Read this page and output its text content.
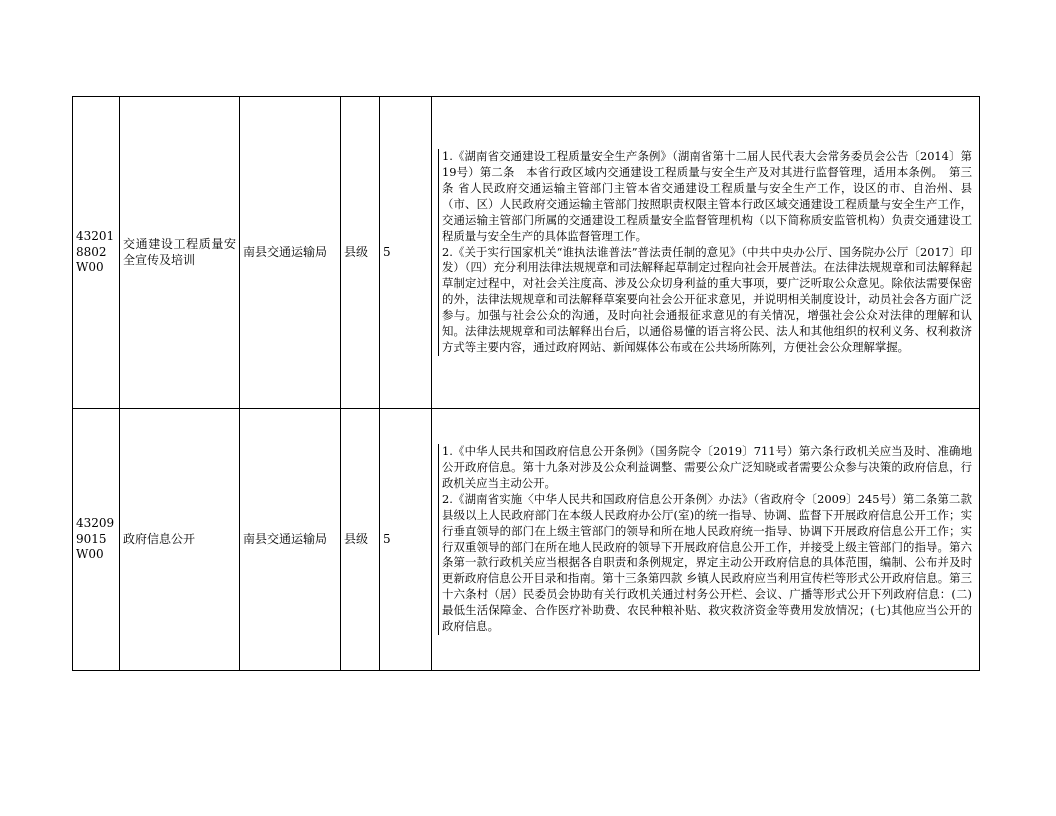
432018802W00	交通建设工程质量安全宣传及培训	南县交通运输局	县级	5	1.《湖南省交通建设工程质量安全生产条例》（湖南省第十二届人民代表大会常务委员会公告〔2014〕第19号）第二条　本省行政区域内交通建设工程质量与安全生产及对其进行监督管理，适用本条例。　第三条 省人民政府交通运输主管部门主管本省交通建设工程质量与安全生产工作，设区的市、自治州、县（市、区）人民政府交通运输主管部门按照职责权限主管本行政区域交通建设工程质量与安全生产工作，交通运输主管部门所属的交通建设工程质量安全监督管理机构（以下简称质安监管机构）负责交通建设工程质量与安全生产的具体监督管理工作。

2.《关于实行国家机关“谁执法谁普法”普法责任制的意见》（中共中央办公厅、国务院办公厅〔2017〕印发）（四）充分利用法律法规规章和司法解释起草制定过程向社会开展普法。在法律法规规章和司法解释起草制定过程中，对社会关注度高、涉及公众切身利益的重大事项，要广泛听取公众意见。除依法需要保密的外，法律法规规章和司法解释草案要向社会公开征求意见，并说明相关制度设计，动员社会各方面广泛参与。加强与社会公众的沟通，及时向社会通报征求意见的有关情况，增强社会公众对法律的理解和认知。法律法规规章和司法解释出台后，以通俗易懂的语言将公民、法人和其他组织的权利义务、权利救济方式等主要内容，通过政府网站、新闻媒体公布或在公共场所陈列，方便社会公众理解掌握。

432099015W00	政府信息公开	南县交通运输局	县级	5	1.《中华人民共和国政府信息公开条例》（国务院令〔2019〕711号）第六条行政机关应当及时、准确地公开政府信息。第十九条对涉及公众利益调整、需要公众广泛知晓或者需要公众参与决策的政府信息，行政机关应当主动公开。

2.《湖南省实施〈中华人民共和国政府信息公开条例〉办法》（省政府令〔2009〕245号）第二条第二款县级以上人民政府部门在本级人民政府办公厅(室)的统一指导、协调、监督下开展政府信息公开工作；实行垂直领导的部门在上级主管部门的领导和所在地人民政府统一指导、协调下开展政府信息公开工作；实行双重领导的部门在所在地人民政府的领导下开展政府信息公开工作，并接受上级主管部门的指导。第六条第一款行政机关应当根据各自职责和条例规定，界定主动公开政府信息的具体范围，编制、公布并及时更新政府信息公开目录和指南。第十三条第四款 乡镇人民政府应当利用宣传栏等形式公开政府信息。第三十六条村（居）民委员会协助有关行政机关通过村务公开栏、会议、广播等形式公开下列政府信息：(二)最低生活保障金、合作医疗补助费、农民种粮补贴、救灾救济资金等费用发放情况；(七)其他应当公开的政府信息。
